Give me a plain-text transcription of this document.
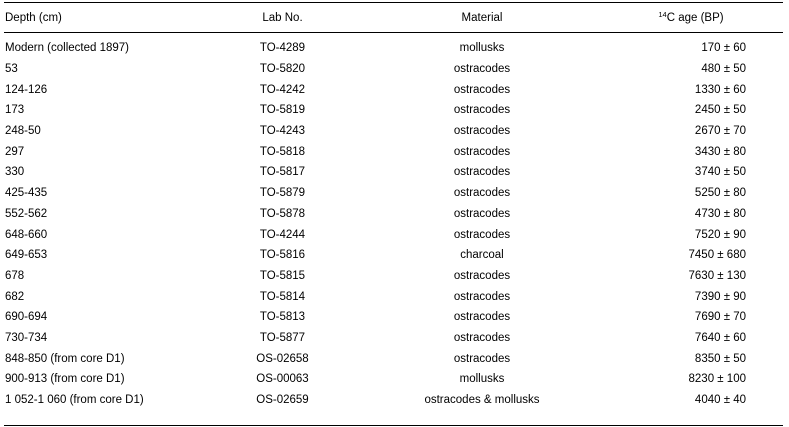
Depth (cm)	Lab No.	Material	$^{14}$C age (BP)

Modern (collected 1897)	TO-4289	mollusks	170 ± 60
53	TO-5820	ostracodes	480 ± 50
124-126	TO-4242	ostracodes	1330 ± 60
173	TO-5819	ostracodes	2450 ± 50
248-50	TO-4243	ostracodes	2670 ± 70
297	TO-5818	ostracodes	3430 ± 80
330	TO-5817	ostracodes	3740 ± 50
425-435	TO-5879	ostracodes	5250 ± 80
552-562	TO-5878	ostracodes	4730 ± 80
648-660	TO-4244	ostracodes	7520 ± 90
649-653	TO-5816	charcoal	7450 ± 680
678	TO-5815	ostracodes	7630 ± 130
682	TO-5814	ostracodes	7390 ± 90
690-694	TO-5813	ostracodes	7690 ± 70
730-734	TO-5877	ostracodes	7640 ± 60
848-850 (from core D1)	OS-02658	ostracodes	8350 ± 50
900-913 (from core D1)	OS-00063	mollusks	8230 ± 100
1 052-1 060 (from core D1)	OS-02659	ostracodes & mollusks	4040 ± 40
